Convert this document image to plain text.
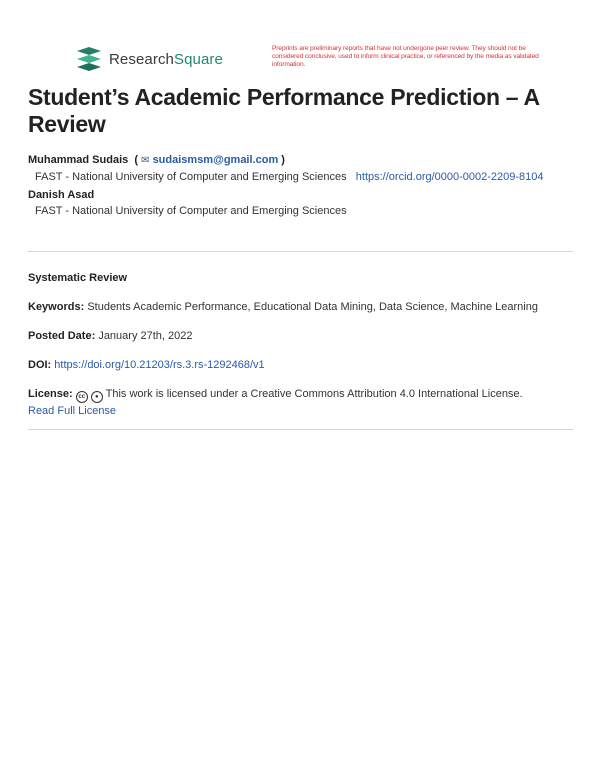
ResearchSquare
Preprints are preliminary reports that have not undergone peer review. They should not be considered conclusive, used to inform clinical practice, or referenced by the media as validated information.
Student’s Academic Performance Prediction – A Review
Muhammad Sudais  ( ✉ sudaismsm@gmail.com )
FAST - National University of Computer and Emerging Sciences https://orcid.org/0000-0002-2209-8104
Danish Asad
FAST - National University of Computer and Emerging Sciences
Systematic Review
Keywords: Students Academic Performance, Educational Data Mining, Data Science, Machine Learning
Posted Date: January 27th, 2022
DOI: https://doi.org/10.21203/rs.3.rs-1292468/v1
License: cc ● This work is licensed under a Creative Commons Attribution 4.0 International License.
Read Full License
